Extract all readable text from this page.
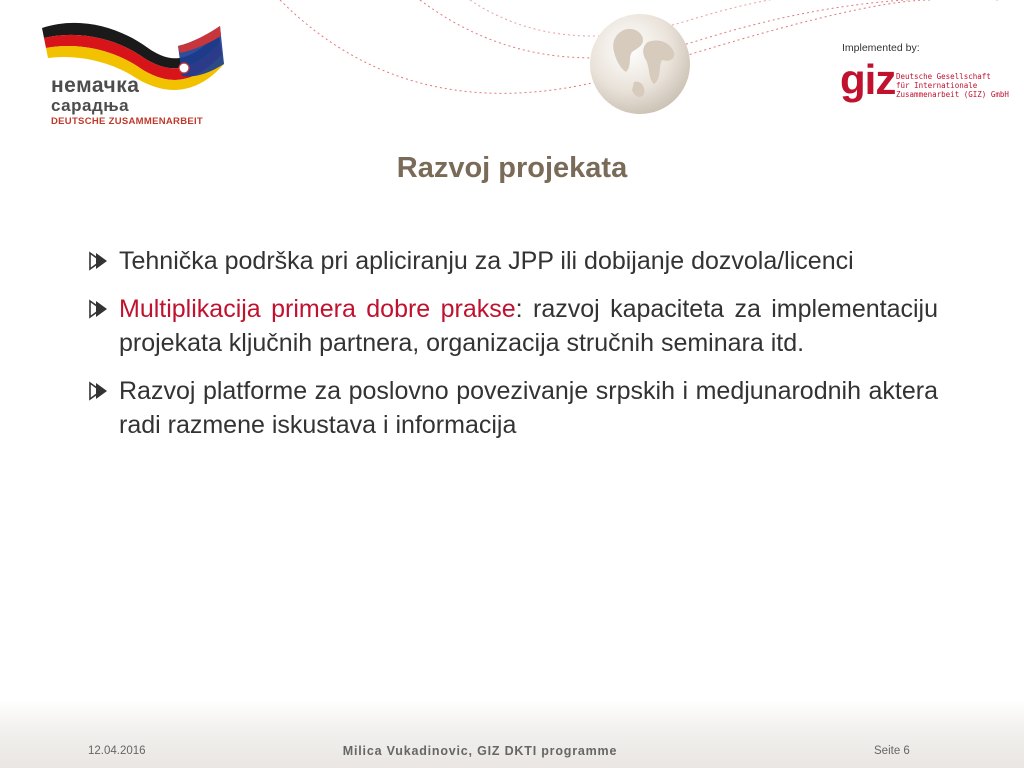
немачка
сарадња
DEUTSCHE ZUSAMMENARBEIT
Implemented by:
giz Deutsche Gesellschaft
für Internationale
Zusammenarbeit (GIZ) GmbH
Razvoj projekata
Tehnička podrška pri apliciranju za JPP ili dobijanje dozvola/licenci
Multiplikacija primera dobre prakse: razvoj kapaciteta za implementaciju projekata ključnih partnera, organizacija stručnih seminara itd.
Razvoj platforme za poslovno povezivanje srpskih i medjunarodnih aktera radi razmene iskustava i informacija
12.04.2016	Milica Vukadinovic, GIZ DKTI programme	Seite 6
